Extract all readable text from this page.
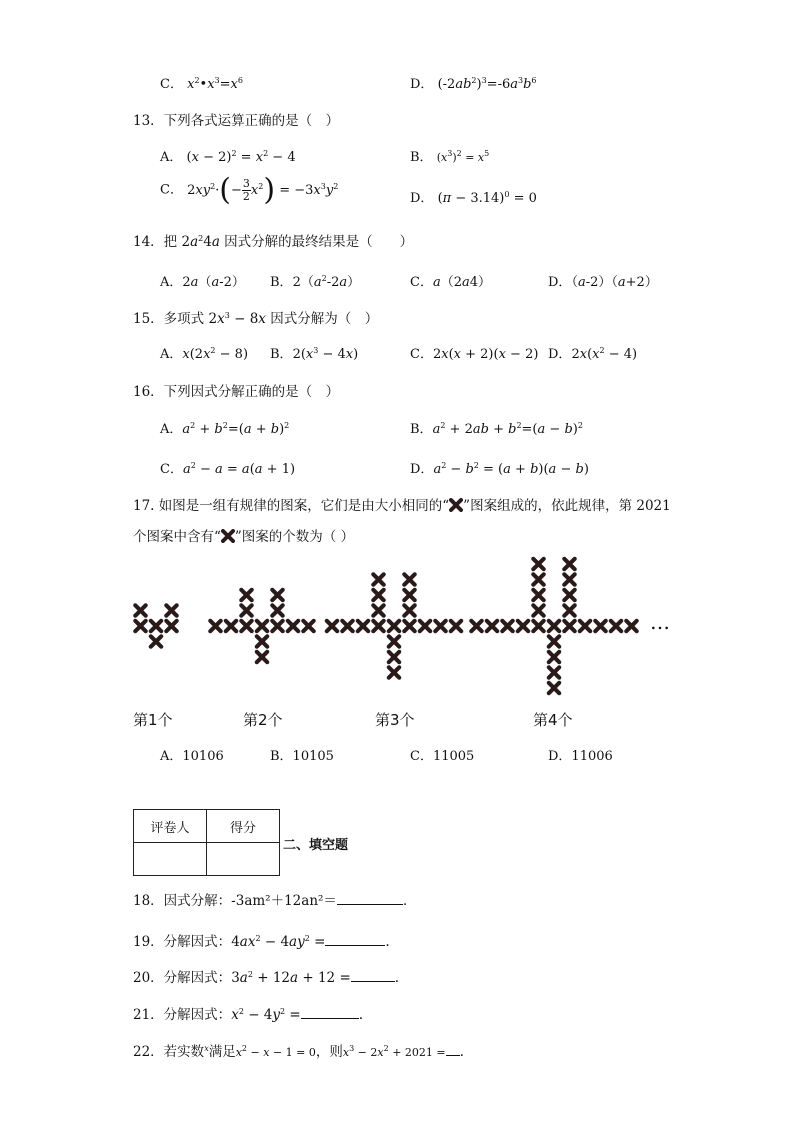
C． $x^2•x^3=x^6$	D． $(-2ab^2)^3=-6a^3b^6$
13．下列各式运算正确的是（　）
A． $(x - 2)^2 = x^2 - 4$	B． $(x^3)^2 = x^5$
C． $2xy^2\cdot(- \frac{3}{2} x^2) = -3x^3y^2$
D． $(\pi - 3.14)^0 = 0$
14．把 $2a^24a$ 因式分解的最终结果是（　　）
A．2a（a-2） B．$2(a^2-2a)$	C．a（2a4）	D．（a-2）（a+2）
15．多项式 $2x^3 - 8x$ 因式分解为（　）
A．$x(2x^2 - 8)$ B．$2(x^3 - 4x)$	C．2x(x + 2)(x − 2) D．$2x(x^2 - 4)$
16．下列因式分解正确的是（　）
A．$a^2 + b^2=(a + b)^2$	B．$a^2 + 2ab + b^2=(a - b)^2$
C．$a^2 - a = a(a + 1)$	D．$a^2 - b^2 = (a + b)(a - b)$
17. 如图是一组有规律的图案，它们是由大小相同的“ ”图案组成的，依此规律，第 2021
个图案中含有“ ”图案的个数为（ ）
…
第1个	第2个	第3个	第4个
A．10106	B．10105	C．11005	D．11006
评卷人	得分

二、填空题
18．因式分解：-3am²＋12an²＝	．
19．分解因式：$4ax^2 - 4ay^2$ =	.
20．分解因式：$3a^2 + 12a + 12$ =	.
21．分解因式：$x^2 - 4y^2$ =	.
22．若实数$^x$满足$x^2 - x - 1 = 0$，则$x^3 - 2x^2 + 2021$ = .
